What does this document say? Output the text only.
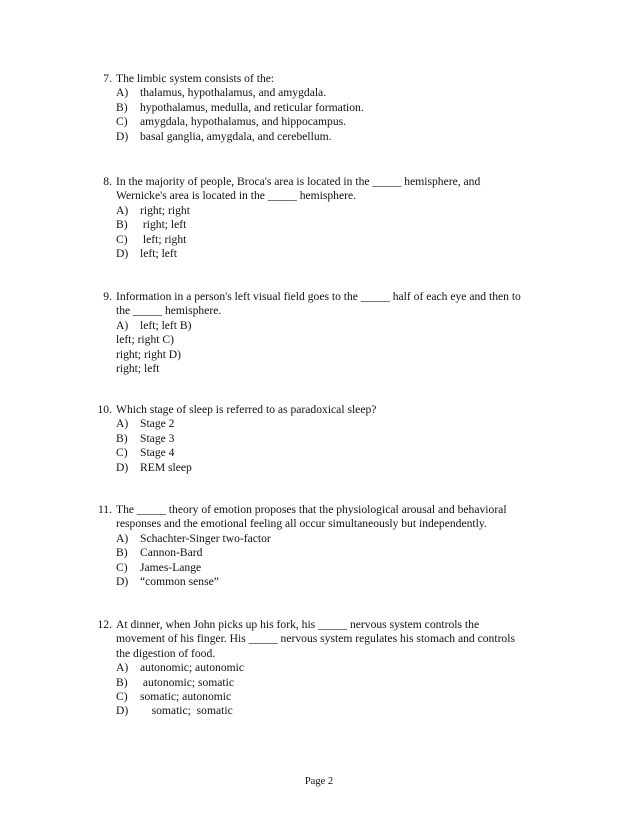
7. The limbic system consists of the:
A) thalamus, hypothalamus, and amygdala.
B) hypothalamus, medulla, and reticular formation.
C) amygdala, hypothalamus, and hippocampus.
D) basal ganglia, amygdala, and cerebellum.
8. In the majority of people, Broca's area is located in the _____ hemisphere, and
Wernicke's area is located in the _____ hemisphere.
A) right; right
B) right; left
C) left; right
D) left; left
9. Information in a person's left visual field goes to the _____ half of each eye and then to
the _____ hemisphere.
A) left; left B)
left; right C)
right; right D)
right; left
10. Which stage of sleep is referred to as paradoxical sleep?
A) Stage 2
B) Stage 3
C) Stage 4
D) REM sleep
11. The _____ theory of emotion proposes that the physiological arousal and behavioral
responses and the emotional feeling all occur simultaneously but independently.
A) Schachter-Singer two-factor
B) Cannon-Bard
C) James-Lange
D) “common sense”
12. At dinner, when John picks up his fork, his _____ nervous system controls the
movement of his finger. His _____ nervous system regulates his stomach and controls
the digestion of food.
A) autonomic; autonomic
B) autonomic; somatic
C) somatic; autonomic
D)    somatic;  somatic
Page 2
